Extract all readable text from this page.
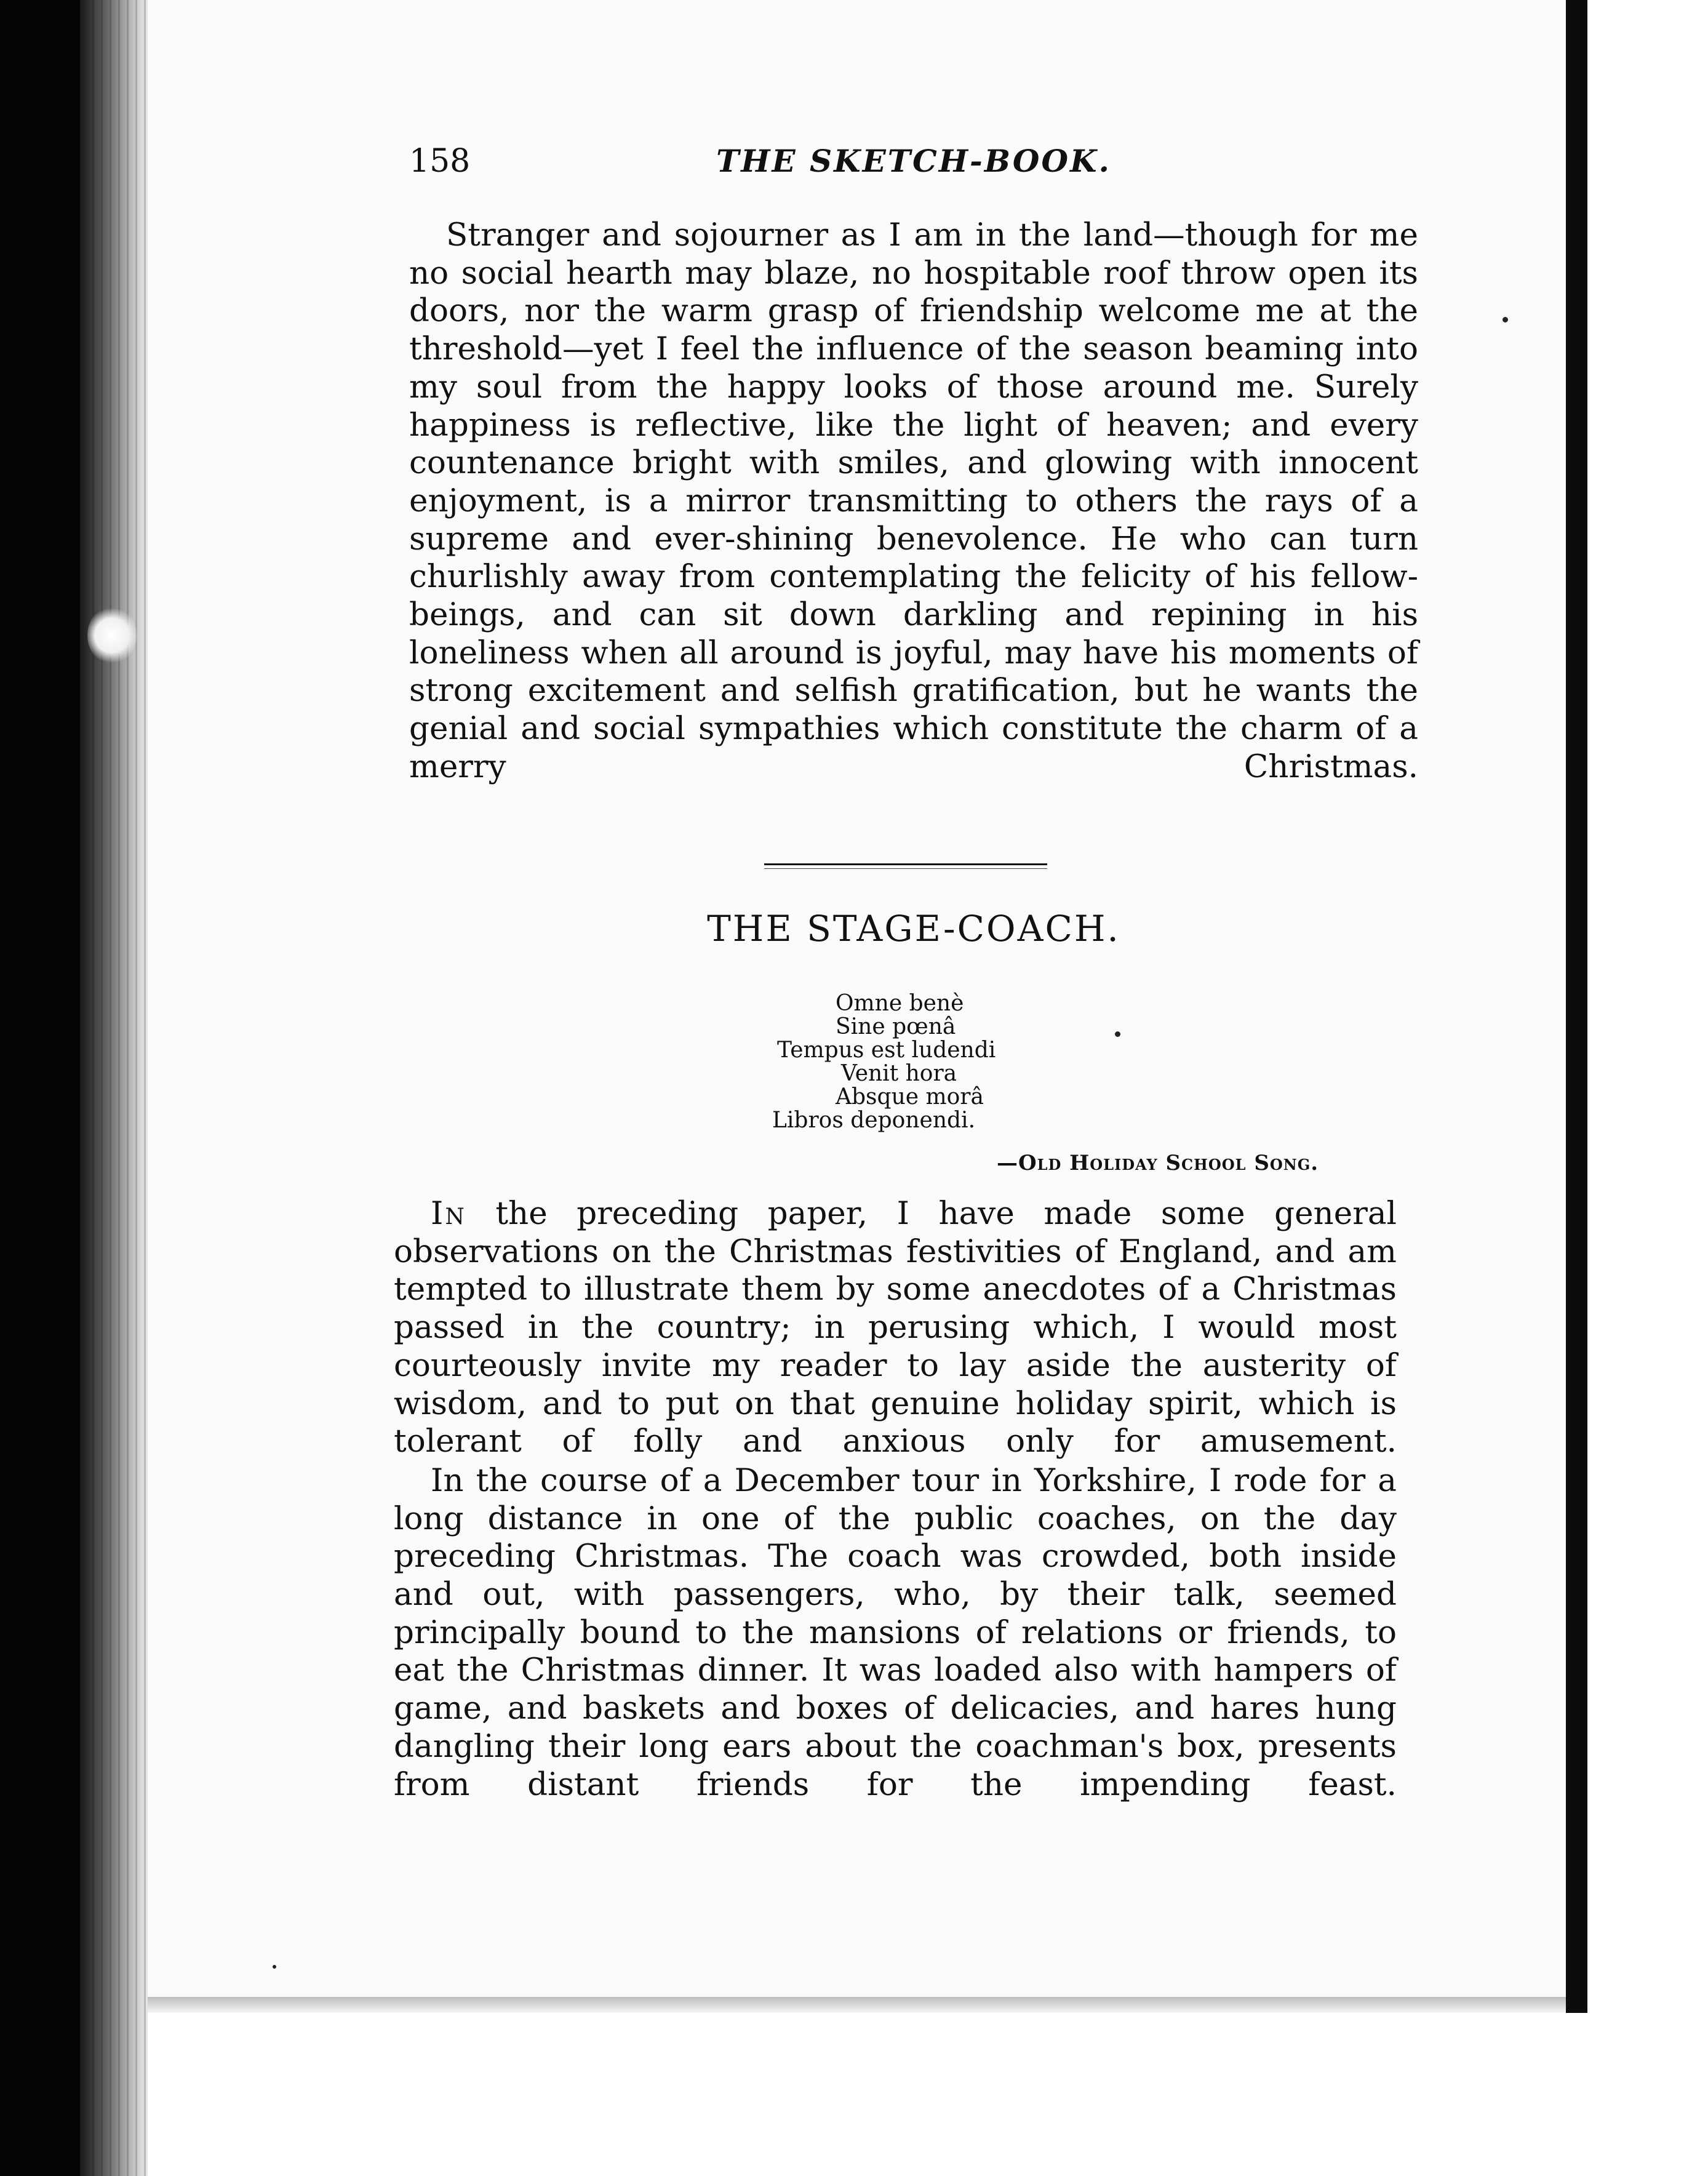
158	THE SKETCH-BOOK.

Stranger and sojourner as I am in the land—though for me no social hearth may blaze, no hospitable roof throw open its doors, nor the warm grasp of friendship welcome me at the threshold—yet I feel the influence of the season beaming into my soul from the happy looks of those around me. Surely happiness is reflective, like the light of heaven; and every countenance bright with smiles, and glowing with innocent enjoyment, is a mirror transmitting to others the rays of a supreme and ever-shining benevolence. He who can turn churlishly away from contemplating the felicity of his fellow-beings, and can sit down darkling and repining in his loneliness when all around is joyful, may have his moments of strong excitement and selfish gratification, but he wants the genial and social sympathies which constitute the charm of a merry Christmas.

THE STAGE-COACH.
Omne benè
Sine pœnâ
Tempus est ludendi
Venit hora
Absque morâ
Libros deponendi.
—Old Holiday School Song.

In the preceding paper, I have made some general observations on the Christmas festivities of England, and am tempted to illustrate them by some anecdotes of a Christmas passed in the country; in perusing which, I would most courteously invite my reader to lay aside the austerity of wisdom, and to put on that genuine holiday spirit, which is tolerant of folly and anxious only for amusement.

In the course of a December tour in Yorkshire, I rode for a long distance in one of the public coaches, on the day preceding Christmas. The coach was crowded, both inside and out, with passengers, who, by their talk, seemed principally bound to the mansions of relations or friends, to eat the Christmas dinner. It was loaded also with hampers of game, and baskets and boxes of delicacies, and hares hung dangling their long ears about the coachman's box, presents from distant friends for the impending feast.
